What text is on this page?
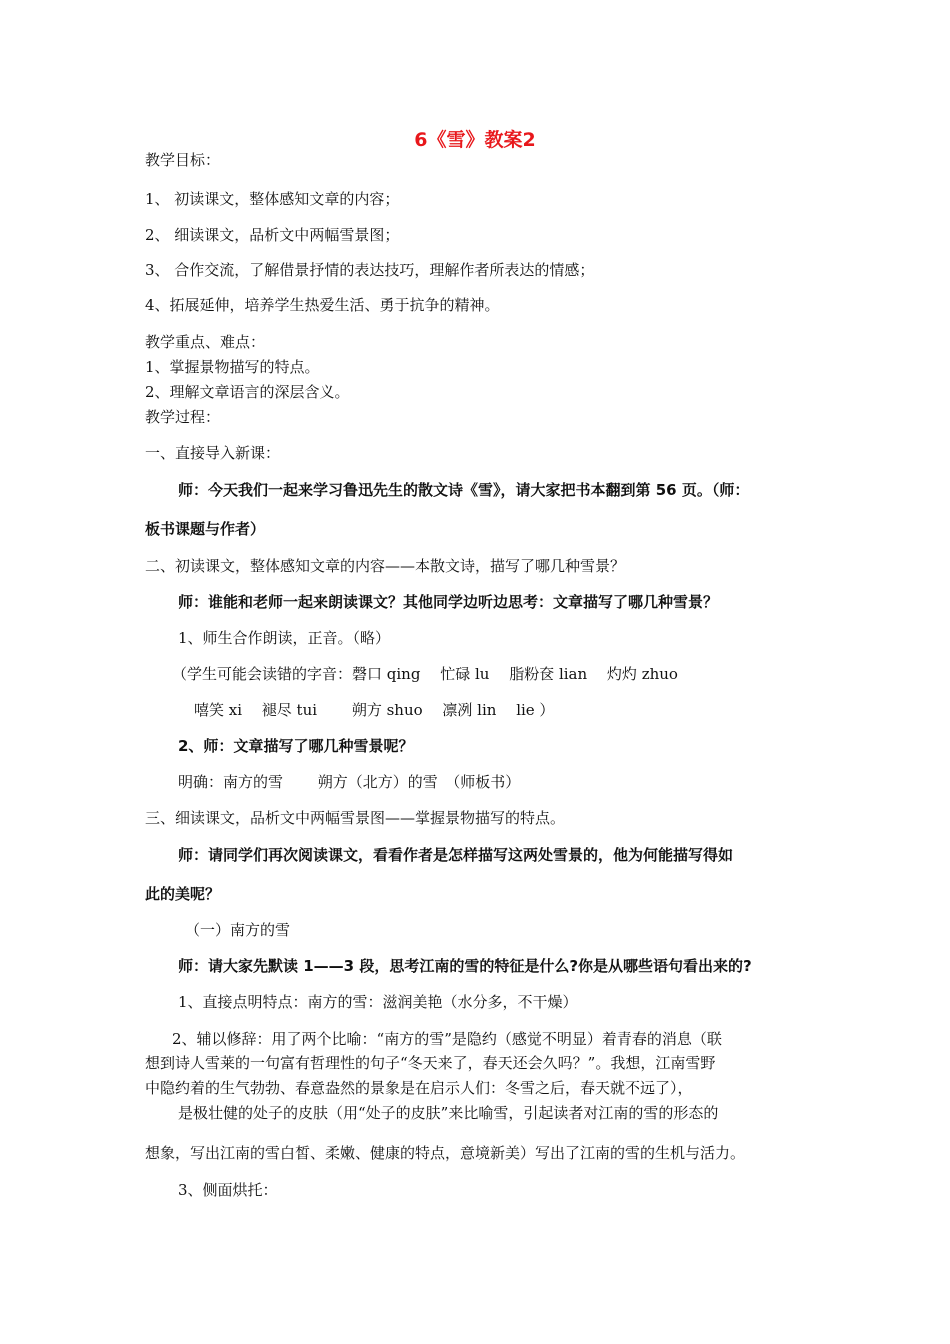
6《雪》教案2
教学目标：
1、 初读课文，整体感知文章的内容；
2、 细读课文，品析文中两幅雪景图；
3、 合作交流，了解借景抒情的表达技巧，理解作者所表达的情感；
4、拓展延伸，培养学生热爱生活、勇于抗争的精神。
教学重点、难点：
1、掌握景物描写的特点。
2、理解文章语言的深层含义。
教学过程：
一、直接导入新课：
师：今天我们一起来学习鲁迅先生的散文诗《雪》，请大家把书本翻到第 56 页。（师：
板书课题与作者）
二、初读课文，整体感知文章的内容——本散文诗，描写了哪几种雪景？
师：谁能和老师一起来朗读课文？其他同学边听边思考：文章描写了哪几种雪景？
1、师生合作朗读，正音。（略）
（学生可能会读错的字音：磬口 qing　 忙碌 lu　 脂粉奁 lian　 灼灼 zhuo
嘻笑 xi　 褪尽 tui　　 朔方 shuo　 凛冽 lin　 lie ）
2、师：文章描写了哪几种雪景呢？
明确：南方的雪　　 朔方（北方）的雪　（师板书）
三、细读课文，品析文中两幅雪景图——掌握景物描写的特点。
师：请同学们再次阅读课文，看看作者是怎样描写这两处雪景的，他为何能描写得如
此的美呢？
（一）南方的雪
师：请大家先默读 1——3 段，思考江南的雪的特征是什么?你是从哪些语句看出来的?
1、直接点明特点：南方的雪：滋润美艳（水分多，不干燥）
2、辅以修辞：用了两个比喻：“南方的雪”是隐约（感觉不明显）着青春的消息（联
想到诗人雪莱的一句富有哲理性的句子“冬天来了，春天还会久吗？”。我想，江南雪野
中隐约着的生气勃勃、春意盎然的景象是在启示人们：冬雪之后，春天就不远了），
是极壮健的处子的皮肤（用“处子的皮肤”来比喻雪，引起读者对江南的雪的形态的
想象，写出江南的雪白皙、柔嫩、健康的特点，意境新美）写出了江南的雪的生机与活力。
3、侧面烘托：
